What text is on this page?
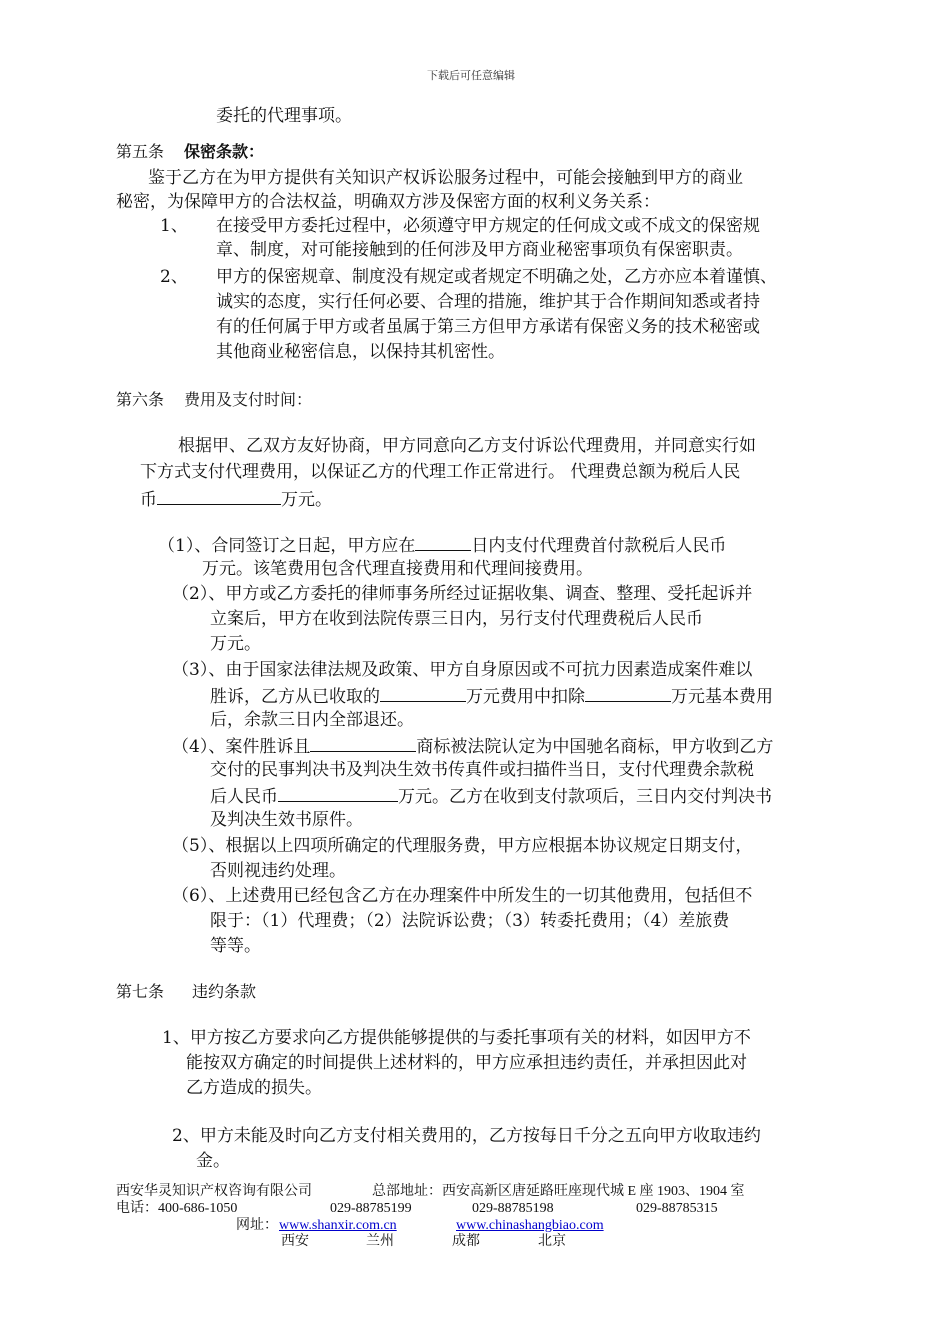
下载后可任意编辑
委托的代理事项。
第五条 保密条款：
鉴于乙方在为甲方提供有关知识产权诉讼服务过程中，可能会接触到甲方的商业
秘密，为保障甲方的合法权益，明确双方涉及保密方面的权利义务关系：
1、 在接受甲方委托过程中，必须遵守甲方规定的任何成文或不成文的保密规
章、制度，对可能接触到的任何涉及甲方商业秘密事项负有保密职责。
2、 甲方的保密规章、制度没有规定或者规定不明确之处，乙方亦应本着谨慎、
诚实的态度，实行任何必要、合理的措施，维护其于合作期间知悉或者持
有的任何属于甲方或者虽属于第三方但甲方承诺有保密义务的技术秘密或
其他商业秘密信息，以保持其机密性。
第六条 费用及支付时间：
根据甲、乙双方友好协商，甲方同意向乙方支付诉讼代理费用，并同意实行如
下方式支付代理费用，以保证乙方的代理工作正常进行。 代理费总额为税后人民
币	万元。
（1）、合同签订之日起，甲方应在	日内支付代理费首付款税后人民币
万元。该笔费用包含代理直接费用和代理间接费用。
（2）、甲方或乙方委托的律师事务所经过证据收集、调查、整理、受托起诉并
立案后，甲方在收到法院传票三日内，另行支付代理费税后人民币
万元。
（3）、由于国家法律法规及政策、甲方自身原因或不可抗力因素造成案件难以
胜诉，乙方从已收取的	万元费用中扣除	万元基本费用
后，余款三日内全部退还。
（4）、案件胜诉且	商标被法院认定为中国驰名商标，甲方收到乙方
交付的民事判决书及判决生效书传真件或扫描件当日，支付代理费余款税
后人民币	万元。乙方在收到支付款项后，三日内交付判决书
及判决生效书原件。
（5）、根据以上四项所确定的代理服务费，甲方应根据本协议规定日期支付，
否则视违约处理。
（6）、上述费用已经包含乙方在办理案件中所发生的一切其他费用，包括但不
限于：（1）代理费；（2）法院诉讼费；（3）转委托费用；（4）差旅费
等等。
第七条 违约条款
1、甲方按乙方要求向乙方提供能够提供的与委托事项有关的材料，如因甲方不
能按双方确定的时间提供上述材料的，甲方应承担违约责任，并承担因此对
乙方造成的损失。
2、甲方未能及时向乙方支付相关费用的，乙方按每日千分之五向甲方收取违约
金。
西安华灵知识产权咨询有限公司	总部地址：西安高新区唐延路旺座现代城 E 座 1903、1904 室
电话：400-686-1050	029-88785199	029-88785198	029-88785315
网址： www.shanxir.com.cn	www.chinashangbiao.com
西安	兰州	成都	北京
